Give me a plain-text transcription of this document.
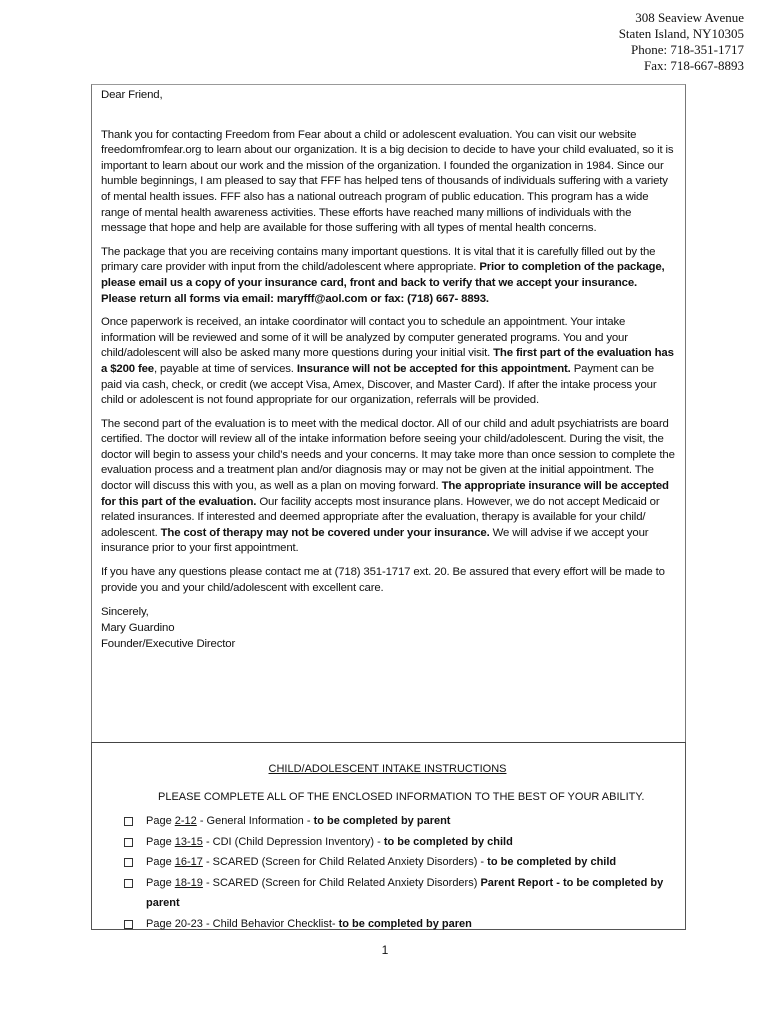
308 Seaview Avenue
Staten Island, NY10305
Phone: 718-351-1717
Fax: 718-667-8893

Dear Friend,

Thank you for contacting Freedom from Fear about a child or adolescent evaluation. You can visit our website freedomfromfear.org to learn about our organization. It is a big decision to decide to have your child evaluated, so it is important to learn about our work and the mission of the organization. I founded the organization in 1984. Since our humble beginnings, I am pleased to say that FFF has helped tens of thousands of individuals suffering with a variety of mental health issues. FFF also has a national outreach program of public education. This program has a wide range of mental health awareness activities. These efforts have reached many millions of individuals with the message that hope and help are available for those suffering with all types of mental health concerns.

The package that you are receiving contains many important questions. It is vital that it is carefully filled out by the primary care provider with input from the child/adolescent where appropriate. Prior to completion of the package, please email us a copy of your insurance card, front and back to verify that we accept your insurance. Please return all forms via email: maryfff@aol.com or fax: (718) 667- 8893.

Once paperwork is received, an intake coordinator will contact you to schedule an appointment. Your intake information will be reviewed and some of it will be analyzed by computer generated programs. You and your child/adolescent will also be asked many more questions during your initial visit. The first part of the evaluation has a $200 fee, payable at time of services. Insurance will not be accepted for this appointment. Payment can be paid via cash, check, or credit (we accept Visa, Amex, Discover, and Master Card). If after the intake process your child or adolescent is not found appropriate for our organization, referrals will be provided.

The second part of the evaluation is to meet with the medical doctor. All of our child and adult psychiatrists are board certified. The doctor will review all of the intake information before seeing your child/adolescent. During the visit, the doctor will begin to assess your child’s needs and your concerns. It may take more than once session to complete the evaluation process and a treatment plan and/or diagnosis may or may not be given at the initial appointment. The doctor will discuss this with you, as well as a plan on moving forward. The appropriate insurance will be accepted for this part of the evaluation. Our facility accepts most insurance plans. However, we do not accept Medicaid or related insurances. If interested and deemed appropriate after the evaluation, therapy is available for your child/ adolescent. The cost of therapy may not be covered under your insurance. We will advise if we accept your insurance prior to your first appointment.

If you have any questions please contact me at (718) 351-1717 ext. 20. Be assured that every effort will be made to provide you and your child/adolescent with excellent care.

Sincerely,
Mary Guardino
Founder/Executive Director
CHILD/ADOLESCENT INTAKE INSTRUCTIONS
PLEASE COMPLETE ALL OF THE ENCLOSED INFORMATION TO THE BEST OF YOUR ABILITY.
Page 2-12 - General Information - to be completed by parent
Page 13-15 - CDI (Child Depression Inventory) - to be completed by child
Page 16-17 - SCARED (Screen for Child Related Anxiety Disorders) - to be completed by child
Page 18-19 - SCARED (Screen for Child Related Anxiety Disorders) Parent Report - to be completed by parent
Page 20-23 - Child Behavior Checklist- to be completed by paren
1
